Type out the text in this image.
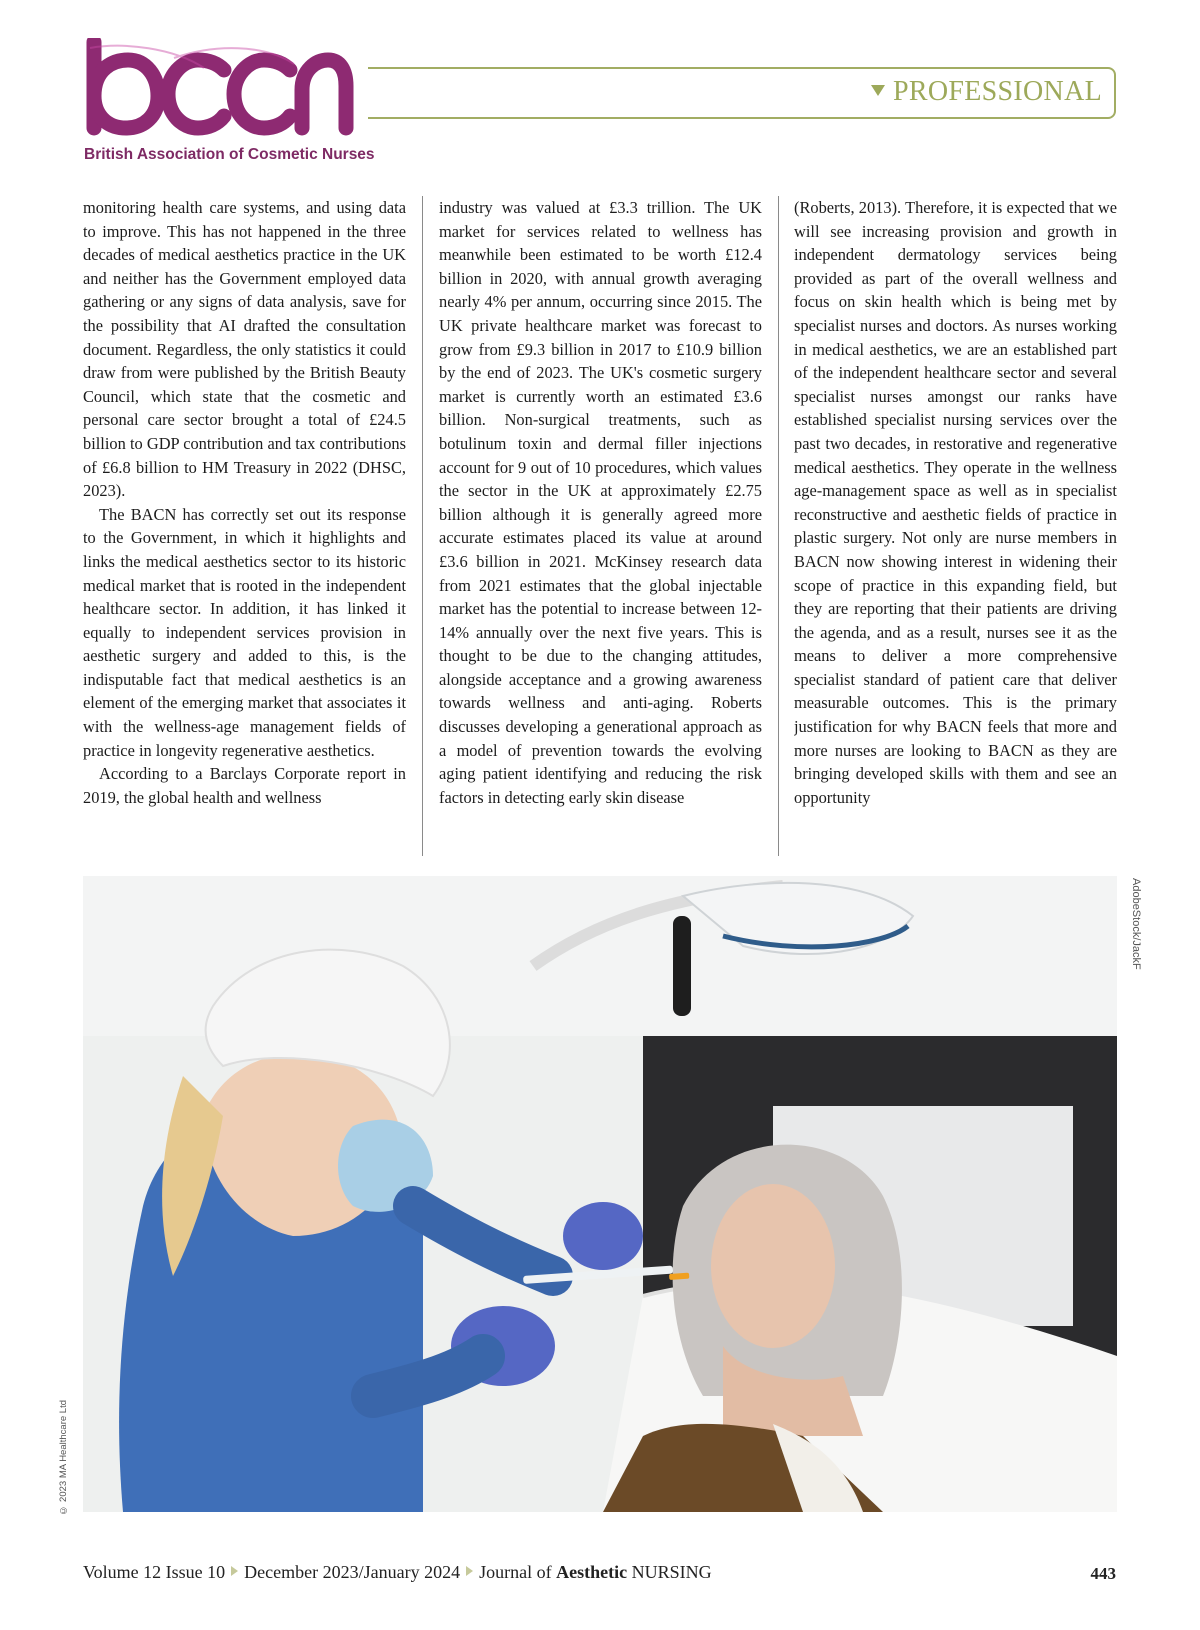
British Association of Cosmetic Nurses
PROFESSIONAL

monitoring health care systems, and using data to improve. This has not happened in the three decades of medical aesthetics practice in the UK and neither has the Government employed data gathering or any signs of data analysis, save for the possibility that AI drafted the consultation document. Regardless, the only statistics it could draw from were published by the British Beauty Council, which state that the cosmetic and personal care sector brought a total of £24.5 billion to GDP contribution and tax contributions of £6.8 billion to HM Treasury in 2022 (DHSC, 2023).

The BACN has correctly set out its response to the Government, in which it highlights and links the medical aesthetics sector to its historic medical market that is rooted in the independent healthcare sector. In addition, it has linked it equally to independent services provision in aesthetic surgery and added to this, is the indisputable fact that medical aesthetics is an element of the emerging market that associates it with the wellness-age management fields of practice in longevity regenerative aesthetics.

According to a Barclays Corporate report in 2019, the global health and wellness

industry was valued at £3.3 trillion. The UK market for services related to wellness has meanwhile been estimated to be worth £12.4 billion in 2020, with annual growth averaging nearly 4% per annum, occurring since 2015. The UK private healthcare market was forecast to grow from £9.3 billion in 2017 to £10.9 billion by the end of 2023. The UK's cosmetic surgery market is currently worth an estimated £3.6 billion. Non-surgical treatments, such as botulinum toxin and dermal filler injections account for 9 out of 10 procedures, which values the sector in the UK at approximately £2.75 billion although it is generally agreed more accurate estimates placed its value at around £3.6 billion in 2021. McKinsey research data from 2021 estimates that the global injectable market has the potential to increase between 12-14% annually over the next five years. This is thought to be due to the changing attitudes, alongside acceptance and a growing awareness towards wellness and anti-aging. Roberts discusses developing a generational approach as a model of prevention towards the evolving aging patient identifying and reducing the risk factors in detecting early skin disease

(Roberts, 2013). Therefore, it is expected that we will see increasing provision and growth in independent dermatology services being provided as part of the overall wellness and focus on skin health which is being met by specialist nurses and doctors. As nurses working in medical aesthetics, we are an established part of the independent healthcare sector and several specialist nurses amongst our ranks have established specialist nursing services over the past two decades, in restorative and regenerative medical aesthetics. They operate in the wellness age-management space as well as in specialist reconstructive and aesthetic fields of practice in plastic surgery. Not only are nurse members in BACN now showing interest in widening their scope of practice in this expanding field, but they are reporting that their patients are driving the agenda, and as a result, nurses see it as the means to deliver a more comprehensive specialist standard of patient care that deliver measurable outcomes. This is the primary justification for why BACN feels that more and more nurses are looking to BACN as they are bringing developed skills with them and see an opportunity

AdobeStock/JackF
© 2023 MA Healthcare Ltd
Volume 12 Issue 10 December 2023/January 2024 Journal of Aesthetic NURSING	443
